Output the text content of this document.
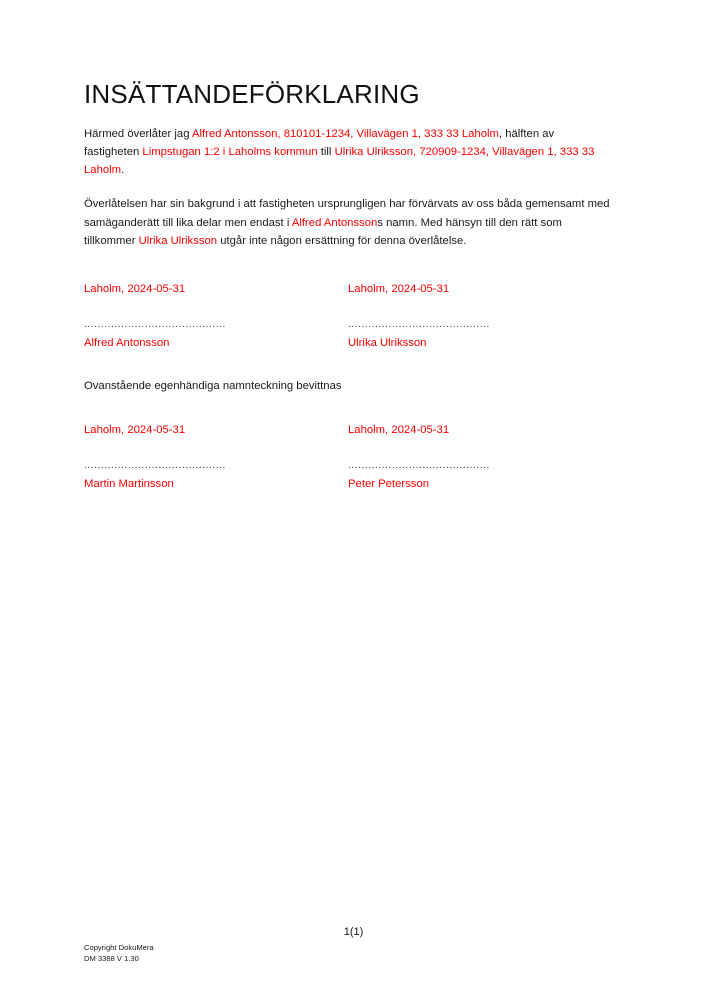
INSÄTTANDEFÖRKLARING

Härmed överlåter jag Alfred Antonsson, 810101-1234, Villavägen 1, 333 33 Laholm, hälften av fastigheten Limpstugan 1:2 i Laholms kommun till Ulrika Ulriksson, 720909-1234, Villavägen 1, 333 33 Laholm.

Överlåtelsen har sin bakgrund i att fastigheten ursprungligen har förvärvats av oss båda gemensamt med samäganderätt till lika delar men endast i Alfred Antonssons namn. Med hänsyn till den rätt som tillkommer Ulrika Ulriksson utgår inte någon ersättning för denna överlåtelse.

Laholm, 2024-05-31	Laholm, 2024-05-31

..........................................

Alfred Antonsson

..........................................

Ulrika Ulriksson

Ovanstående egenhändiga namnteckning bevittnas

Laholm, 2024-05-31	Laholm, 2024-05-31

..........................................

Martin Martinsson

..........................................

Peter Petersson

1(1)
Copyright DokuMera
DM 3388 V 1.30
